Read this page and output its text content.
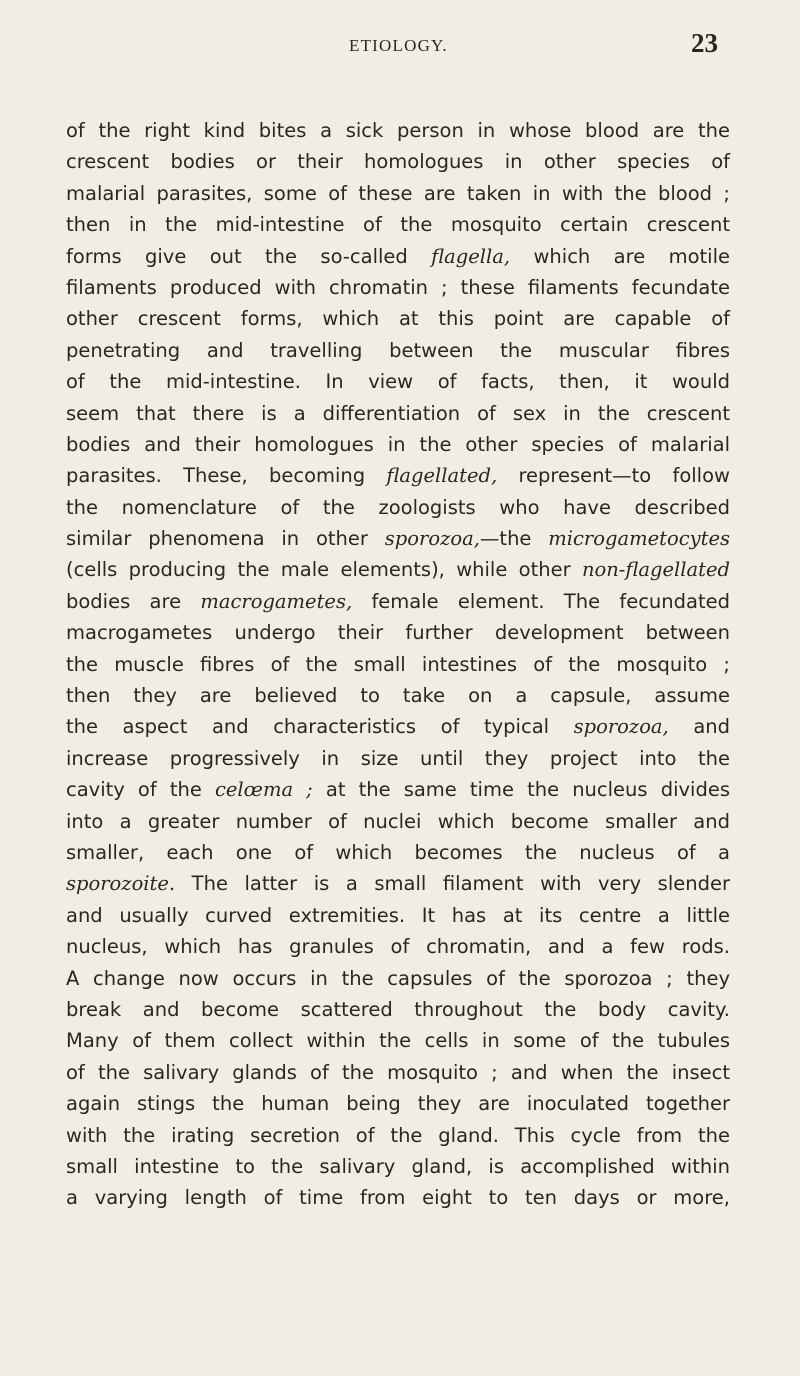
ETIOLOGY.	23
of the right kind bites a sick person in whose blood are the
crescent bodies or their homologues in other species of
malarial parasites, some of these are taken in with the blood ;
then in the mid-intestine of the mosquito certain crescent
forms give out the so-called flagella, which are motile
filaments produced with chromatin ; these filaments fecundate
other crescent forms, which at this point are capable of
penetrating and travelling between the muscular fibres
of the mid-intestine. In view of facts, then, it would
seem that there is a differentiation of sex in the crescent
bodies and their homologues in the other species of malarial
parasites. These, becoming flagellated, represent—to follow
the nomenclature of the zoologists who have described
similar phenomena in other sporozoa,—the microgametocytes
(cells producing the male elements), while other non-flagellated
bodies are macrogametes, female element. The fecundated
macrogametes undergo their further development between
the muscle fibres of the small intestines of the mosquito ;
then they are believed to take on a capsule, assume
the aspect and characteristics of typical sporozoa, and
increase progressively in size until they project into the
cavity of the celœma ; at the same time the nucleus divides
into a greater number of nuclei which become smaller and
smaller, each one of which becomes the nucleus of a
sporozoite. The latter is a small filament with very slender
and usually curved extremities. It has at its centre a little
nucleus, which has granules of chromatin, and a few rods.
A change now occurs in the capsules of the sporozoa ; they
break and become scattered throughout the body cavity.
Many of them collect within the cells in some of the tubules
of the salivary glands of the mosquito ; and when the insect
again stings the human being they are inoculated together
with the irating secretion of the gland. This cycle from the
small intestine to the salivary gland, is accomplished within
a varying length of time from eight to ten days or more,
